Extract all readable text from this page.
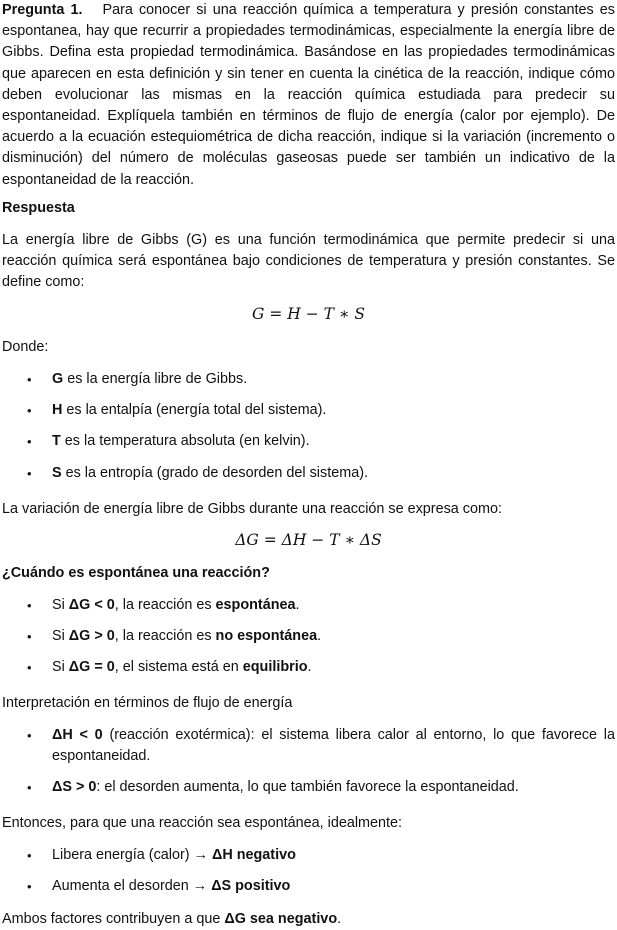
Pregunta 1. Para conocer si una reacción química a temperatura y presión constantes es espontanea, hay que recurrir a propiedades termodinámicas, especialmente la energía libre de Gibbs. Defina esta propiedad termodinámica. Basándose en las propiedades termodinámicas que aparecen en esta definición y sin tener en cuenta la cinética de la reacción, indique cómo deben evolucionar las mismas en la reacción química estudiada para predecir su espontaneidad. Explíquela también en términos de flujo de energía (calor por ejemplo). De acuerdo a la ecuación estequiométrica de dicha reacción, indique si la variación (incremento o disminución) del número de moléculas gaseosas puede ser también un indicativo de la espontaneidad de la reacción.

Respuesta

La energía libre de Gibbs (G) es una función termodinámica que permite predecir si una reacción química será espontánea bajo condiciones de temperatura y presión constantes. Se define como:

G = H − T ∗ S

Donde:

• G es la energía libre de Gibbs.
• H es la entalpía (energía total del sistema).
• T es la temperatura absoluta (en kelvin).
• S es la entropía (grado de desorden del sistema).

La variación de energía libre de Gibbs durante una reacción se expresa como:

ΔG = ΔH − T ∗ ΔS

¿Cuándo es espontánea una reacción?

• Si ΔG < 0, la reacción es espontánea.
• Si ΔG > 0, la reacción es no espontánea.
• Si ΔG = 0, el sistema está en equilibrio.

Interpretación en términos de flujo de energía

• ΔH < 0 (reacción exotérmica): el sistema libera calor al entorno, lo que favorece la espontaneidad.
• ΔS > 0: el desorden aumenta, lo que también favorece la espontaneidad.

Entonces, para que una reacción sea espontánea, idealmente:

• Libera energía (calor) → ΔH negativo
• Aumenta el desorden → ΔS positivo

Ambos factores contribuyen a que ΔG sea negativo.
